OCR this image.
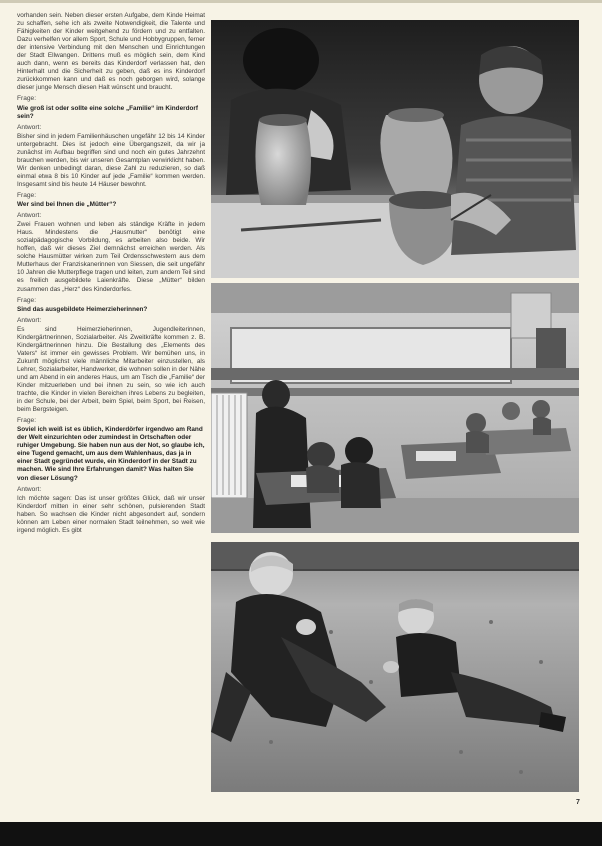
vorhanden sein. Neben dieser ersten Aufgabe, dem Kinde Heimat zu schaffen, sehe ich als zweite Notwendigkeit, die Talente und Fähigkeiten der Kinder weitgehend zu fördern und zu entfalten. Dazu verhelfen vor allem Sport, Schule und Hobbygruppen, ferner der intensive Verbindung mit den Menschen und Einrichtungen der Stadt Ellwangen. Drittens muß es möglich sein, dem Kind auch dann, wenn es bereits das Kinderdorf verlassen hat, den Hinterhalt und die Sicherheit zu geben, daß es ins Kinderdorf zurückkommen kann und daß es noch geborgen wird, solange dieser junge Mensch diesen Halt wünscht und braucht.

Frage:
Wie groß ist oder sollte eine solche „Familie“ im Kinderdorf sein?
Antwort:

Bisher sind in jedem Familienhäuschen ungefähr 12 bis 14 Kinder untergebracht. Dies ist jedoch eine Übergangszeit, da wir ja zunächst im Aufbau begriffen sind und noch ein gutes Jahrzehnt brauchen werden, bis wir unseren Gesamtplan verwirklicht haben. Wir denken unbedingt daran, diese Zahl zu reduzieren, so daß einmal etwa 8 bis 10 Kinder auf jede „Familie“ kommen werden. Insgesamt sind bis heute 14 Häuser bewohnt.

Frage:
Wer sind bei Ihnen die „Mütter“?
Antwort:

Zwei Frauen wohnen und leben als ständige Kräfte in jedem Haus. Mindestens die „Hausmutter“ benötigt eine sozialpädagogische Vorbildung, es arbeiten also beide. Wir hoffen, daß wir dieses Ziel demnächst erreichen werden. Als solche Hausmütter wirken zum Teil Ordensschwestern aus dem Mutterhaus der Franziskanerinnen von Siessen, die seit ungefähr 10 Jahren die Mutterpflege tragen und leiten, zum andern Teil sind es freilich ausgebildete Laienkräfte. Diese „Mütter“ bilden zusammen das „Herz“ des Kinderdorfes.

Frage:
Sind das ausgebildete Heimerzieherinnen?
Antwort:

Es sind Heimerzieherinnen, Jugendleiterinnen, Kindergärtnerinnen, Sozialarbeiter. Als Zweitkräfte kommen z. B. Kindergärtnerinnen hinzu. Die Bestallung des „Elements des Vaters“ ist immer ein gewisses Problem. Wir bemühen uns, in Zukunft möglichst viele männliche Mitarbeiter einzustellen, als Lehrer, Sozialarbeiter, Handwerker, die wohnen sollen in der Nähe und am Abend in ein anderes Haus, um am Tisch die „Familie“ der Kinder mitzuerleben und bei ihnen zu sein, so wie ich auch trachte, die Kinder in vielen Bereichen ihres Lebens zu begleiten, in der Schule, bei der Arbeit, beim Spiel, beim Sport, bei Reisen, beim Bergsteigen.

Frage:
Soviel ich weiß ist es üblich, Kinderdörfer irgendwo am Rand der Welt einzurichten oder zumindest in Ortschaften oder ruhiger Umgebung. Sie haben nun aus der Not, so glaube ich, eine Tugend gemacht, um aus dem Wahlenhaus, das ja in einer Stadt gegründet wurde, ein Kinderdorf in der Stadt zu machen. Wie sind Ihre Erfahrungen damit? Was halten Sie von dieser Lösung?
Antwort:

Ich möchte sagen: Das ist unser größtes Glück, daß wir unser Kinderdorf mitten in einer sehr schönen, pulsierenden Stadt haben. So wachsen die Kinder nicht abgesondert auf, sondern können am Leben einer normalen Stadt teilnehmen, so weit wie irgend möglich. Es gibt

7
